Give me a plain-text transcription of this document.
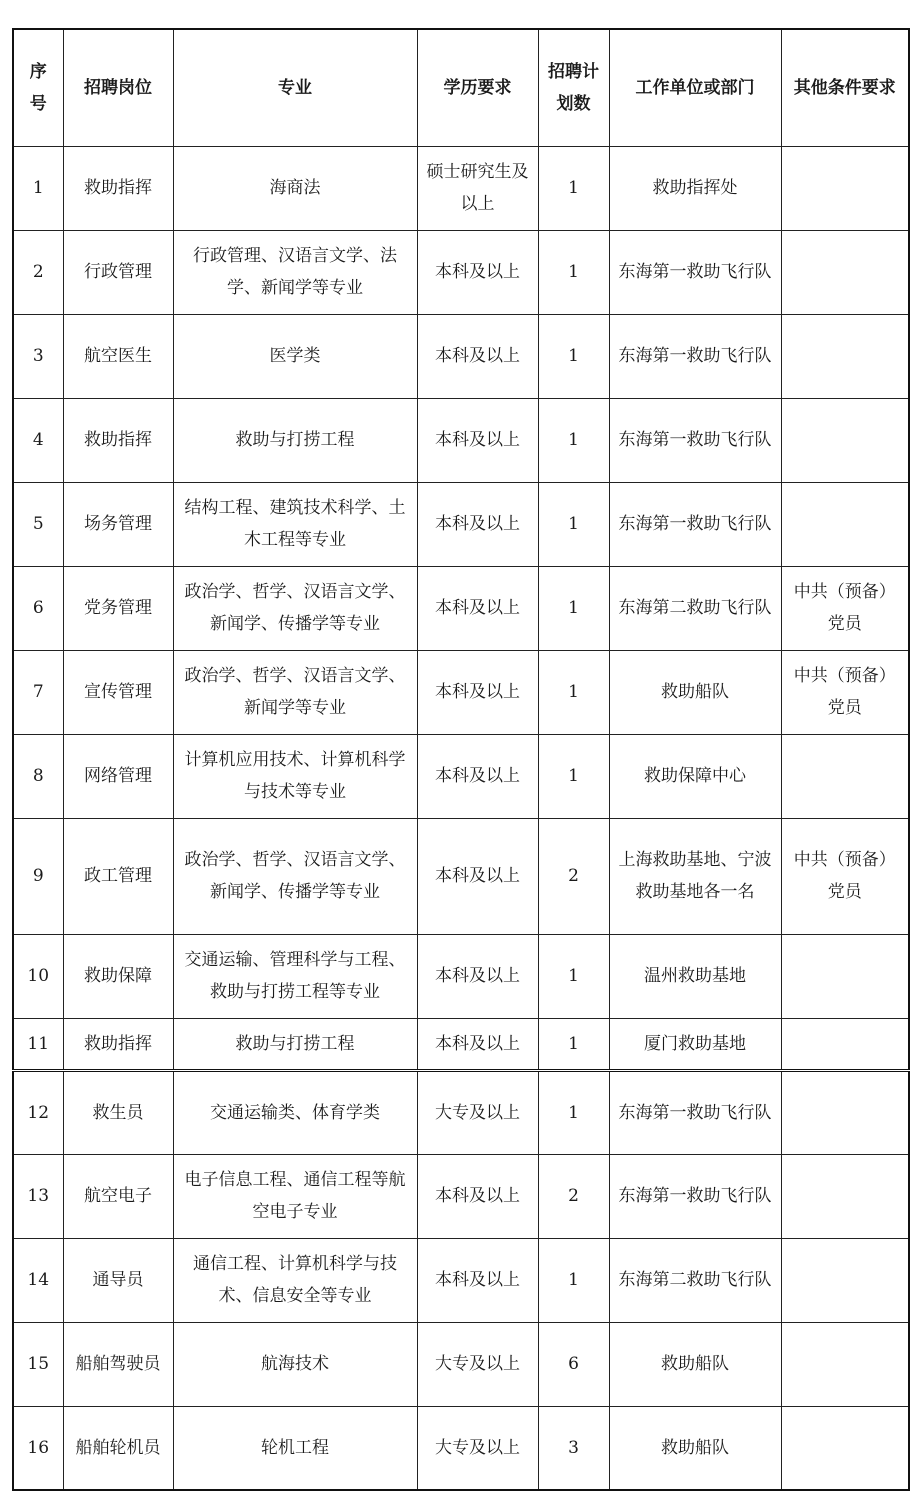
序号	招聘岗位	专业	学历要求	招聘计划数	工作单位或部门	其他条件要求
1	救助指挥	海商法	硕士研究生及以上	1	救助指挥处	
2	行政管理	行政管理、汉语言文学、法学、新闻学等专业	本科及以上	1	东海第一救助飞行队	
3	航空医生	医学类	本科及以上	1	东海第一救助飞行队	
4	救助指挥	救助与打捞工程	本科及以上	1	东海第一救助飞行队	
5	场务管理	结构工程、建筑技术科学、土木工程等专业	本科及以上	1	东海第一救助飞行队	
6	党务管理	政治学、哲学、汉语言文学、新闻学、传播学等专业	本科及以上	1	东海第二救助飞行队	中共（预备）党员
7	宣传管理	政治学、哲学、汉语言文学、新闻学等专业	本科及以上	1	救助船队	中共（预备）党员
8	网络管理	计算机应用技术、计算机科学与技术等专业	本科及以上	1	救助保障中心	
9	政工管理	政治学、哲学、汉语言文学、新闻学、传播学等专业	本科及以上	2	上海救助基地、宁波救助基地各一名	中共（预备）党员
10	救助保障	交通运输、管理科学与工程、救助与打捞工程等专业	本科及以上	1	温州救助基地	
11	救助指挥	救助与打捞工程	本科及以上	1	厦门救助基地	
12	救生员	交通运输类、体育学类	大专及以上	1	东海第一救助飞行队	
13	航空电子	电子信息工程、通信工程等航空电子专业	本科及以上	2	东海第一救助飞行队	
14	通导员	通信工程、计算机科学与技术、信息安全等专业	本科及以上	1	东海第二救助飞行队	
15	船舶驾驶员	航海技术	大专及以上	6	救助船队	
16	船舶轮机员	轮机工程	大专及以上	3	救助船队	
